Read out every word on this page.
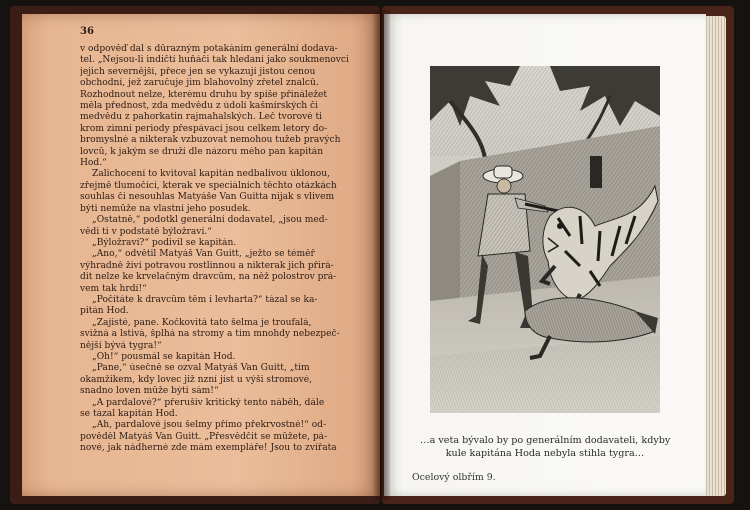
36
v odpověď dal s důrazným potakáním generální dodava-
tel. „Nejsou-li indičtí huňáči tak hledaní jako soukmenovci
jejich severnější, přece jen se vykazují jistou cenou
obchodní, jež zaručuje jim blahovolný zřetel znalců.
Rozhodnout nelze, kterému druhu by spíše přináležet
měla přednost, zda medvědu z údolí kašmírských či
medvědu z pahorkatin rajmahalských. Leč tvorové ti
krom zimní periody přespávací jsou celkem letory do-
bromyslné a nikterak vzbuzovat nemohou tužeb pravých
lovců, k jakým se druží dle názoru mého pan kapitán
Hod.“
Zalichocení to kvitoval kapitán nedbalivou úklonou,
zřejmě tlumočící, kterak ve speciálních těchto otázkách
souhlas či nesouhlas Matyáše Van Guitta nijak s vlivem
býti nemůže na vlastní jeho posudek.
„Ostatně,“ podotkl generální dodavatel, „jsou med-
vědi ti v podstatě býložraví.“
„Býložraví?“ podivil se kapitán.
„Ano,“ odvětil Matyáš Van Guitt, „ježto se téměř
výhradně živí potravou rostlinnou a nikterak jich přirá-
dit nelze ke krvelačným dravcům, na něž polostrov prá-
vem tak hrdí!“
„Počítáte k dravcům těm i levharta?“ tázal se ka-
pitán Hod.
„Zajisté, pane. Kočkovitá tato šelma je troufalá,
svižná a lstivá, šplhá na stromy a tím mnohdy nebezpeč-
nější bývá tygra!“
„Oh!“ pousmál se kapitán Hod.
„Pane,“ úsečně se ozval Matyáš Van Guitt, „tím
okamžikem, kdy lovec již nzní jíst u výši stromové,
snadno loven může býti sám!“
„A pardalové?“ přerušív kritický tento náběh, dále
se tázal kapitán Hod.
„Ah, pardalové jsou šelmy přímo překrvostné!“ od-
pověděl Matyáš Van Guitt. „Přesvědčit se můžete, pá-
nové, jak nádherné zde mám exempláře! Jsou to zvířata
…a veta bývalo by po generálním dodavateli, kdyby
kule kapitána Hoda nebyla stihla tygra…
Ocelový olbřím 9.
